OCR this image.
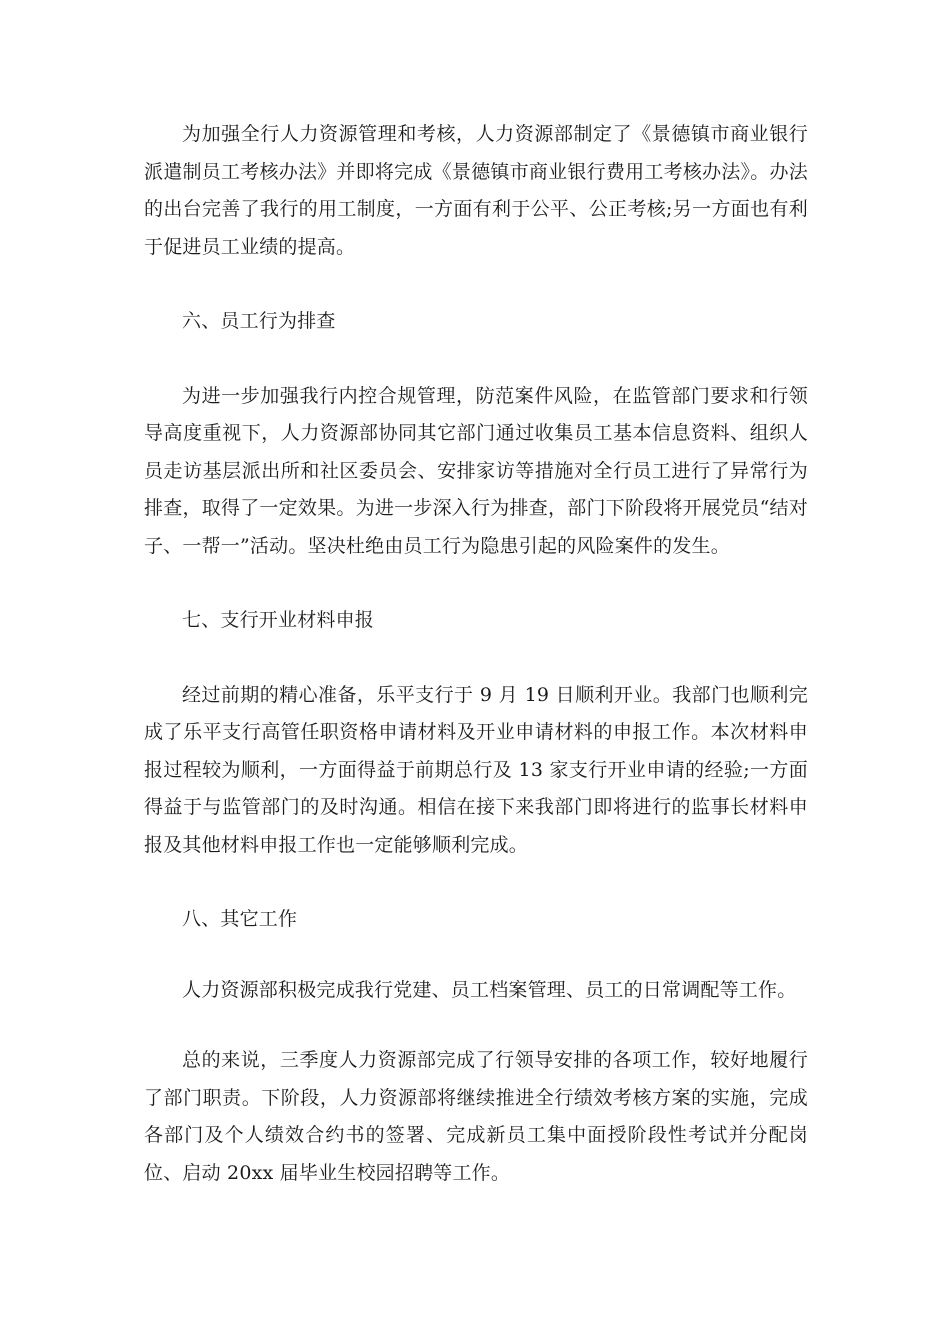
为加强全行人力资源管理和考核，人力资源部制定了《景德镇市商业银行派遣制员工考核办法》并即将完成《景德镇市商业银行费用工考核办法》。办法的出台完善了我行的用工制度，一方面有利于公平、公正考核;另一方面也有利于促进员工业绩的提高。

六、员工行为排查

为进一步加强我行内控合规管理，防范案件风险，在监管部门要求和行领导高度重视下，人力资源部协同其它部门通过收集员工基本信息资料、组织人员走访基层派出所和社区委员会、安排家访等措施对全行员工进行了异常行为排查，取得了一定效果。为进一步深入行为排查，部门下阶段将开展党员“结对子、一帮一”活动。坚决杜绝由员工行为隐患引起的风险案件的发生。

七、支行开业材料申报

经过前期的精心准备，乐平支行于 9 月 19 日顺利开业。我部门也顺利完成了乐平支行高管任职资格申请材料及开业申请材料的申报工作。本次材料申报过程较为顺利，一方面得益于前期总行及 13 家支行开业申请的经验;一方面得益于与监管部门的及时沟通。相信在接下来我部门即将进行的监事长材料申报及其他材料申报工作也一定能够顺利完成。

八、其它工作

人力资源部积极完成我行党建、员工档案管理、员工的日常调配等工作。

总的来说，三季度人力资源部完成了行领导安排的各项工作，较好地履行了部门职责。下阶段，人力资源部将继续推进全行绩效考核方案的实施，完成各部门及个人绩效合约书的签署、完成新员工集中面授阶段性考试并分配岗位、启动 20xx 届毕业生校园招聘等工作。
